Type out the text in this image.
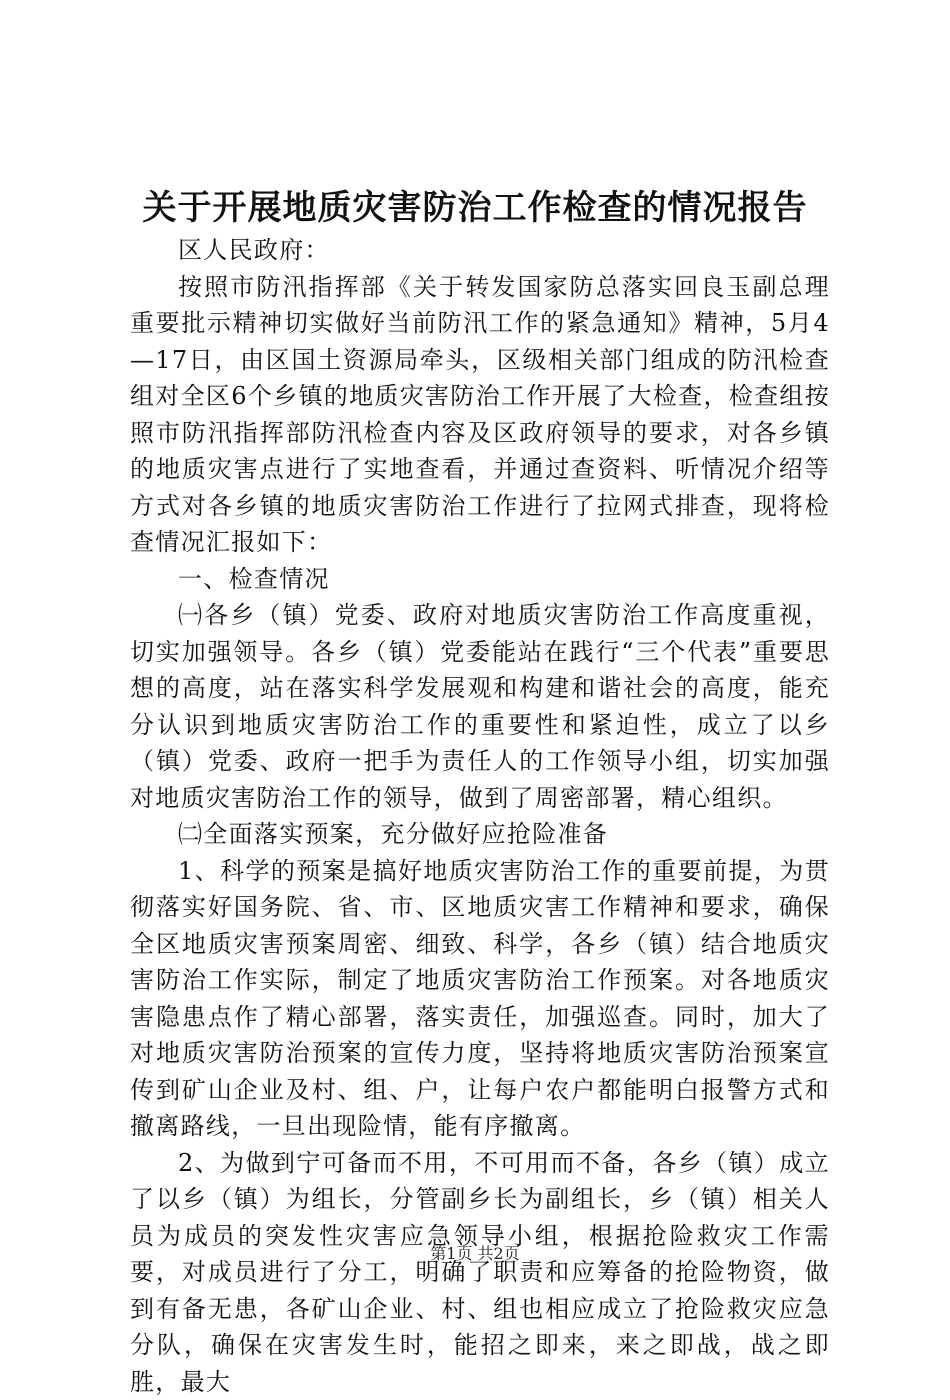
关于开展地质灾害防治工作检查的情况报告

区人民政府：

按照市防汛指挥部《关于转发国家防总落实回良玉副总理重要批示精神切实做好当前防汛工作的紧急通知》精神，5月4—17日，由区国土资源局牵头，区级相关部门组成的防汛检查组对全区6个乡镇的地质灾害防治工作开展了大检查，检查组按照市防汛指挥部防汛检查内容及区政府领导的要求，对各乡镇的地质灾害点进行了实地查看，并通过查资料、听情况介绍等方式对各乡镇的地质灾害防治工作进行了拉网式排查，现将检查情况汇报如下：

一、检查情况

㈠各乡（镇）党委、政府对地质灾害防治工作高度重视，切实加强领导。各乡（镇）党委能站在践行“三个代表”重要思想的高度，站在落实科学发展观和构建和谐社会的高度，能充分认识到地质灾害防治工作的重要性和紧迫性，成立了以乡（镇）党委、政府一把手为责任人的工作领导小组，切实加强对地质灾害防治工作的领导，做到了周密部署，精心组织。

㈡全面落实预案，充分做好应抢险准备

1、科学的预案是搞好地质灾害防治工作的重要前提，为贯彻落实好国务院、省、市、区地质灾害工作精神和要求，确保全区地质灾害预案周密、细致、科学，各乡（镇）结合地质灾害防治工作实际，制定了地质灾害防治工作预案。对各地质灾害隐患点作了精心部署，落实责任，加强巡查。同时，加大了对地质灾害防治预案的宣传力度，坚持将地质灾害防治预案宣传到矿山企业及村、组、户，让每户农户都能明白报警方式和撤离路线，一旦出现险情，能有序撤离。

2、为做到宁可备而不用，不可用而不备，各乡（镇）成立了以乡（镇）为组长，分管副乡长为副组长，乡（镇）相关人员为成员的突发性灾害应急领导小组，根据抢险救灾工作需要，对成员进行了分工，明确了职责和应筹备的抢险物资，做到有备无患，各矿山企业、村、组也相应成立了抢险救灾应急分队，确保在灾害发生时，能招之即来，来之即战，战之即胜，最大

第1页 共2页
